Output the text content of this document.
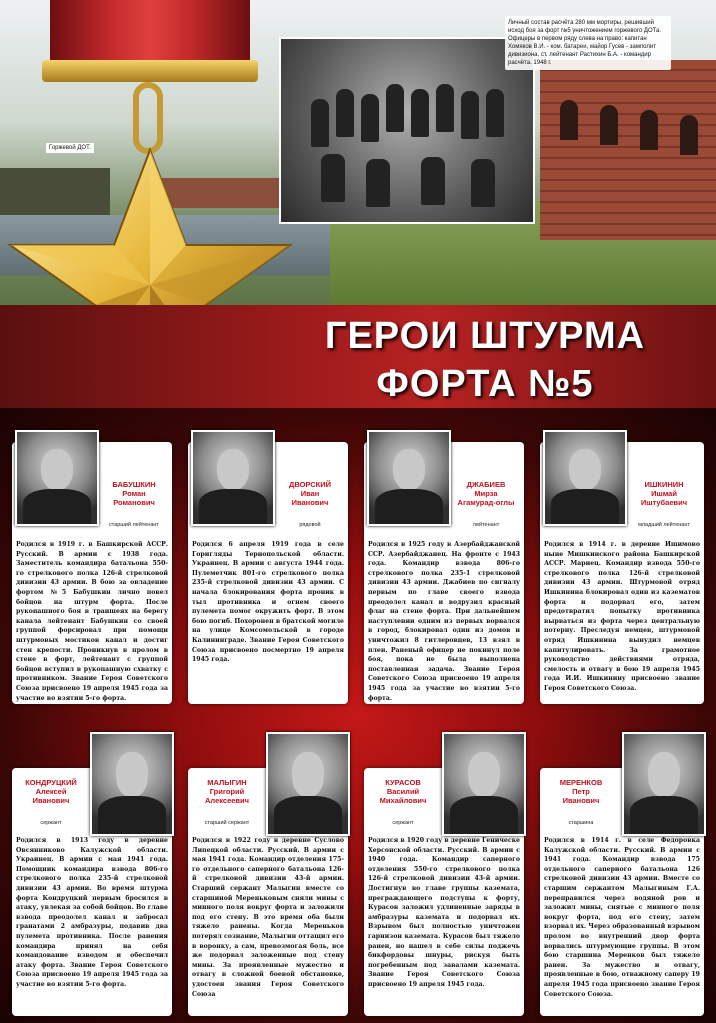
Личный состав расчёта 280 мм мортиры, решивший исход боя за форт №5 уничтожением горжевого ДОТа. Офицеры в первом ряду слева на право: капитан Хомяков В.И. - ком. батареи, майор Гусев - замполит дивизиона, ст. лейтенант Растихин Б.А. - командир расчёта. 1948 г.
Горжевой ДОТ.
ГЕРОИ ШТУРМА
ФОРТА №5
БАБУШКИН
Роман
Романович
старший лейтенант
Родился в 1919 г. в Башкирской АССР. Русский. В армии с 1938 года. Заместитель командира батальона 550-го стрелкового полка 126-й стрелковой дивизии 43 армии. В бою за овладение фортом №5 Бабушкин лично повел бойцов на штурм форта. После рукопашного боя в траншеях на берегу канала лейтенант Бабушкин со своей группой форсировал при помощи штурмовых мостиков канал и достиг стен крепости. Проникнув в пролом в стене в форт, лейтенант с группой бойцов вступил в рукопашную схватку с противником. Звание Героя Советского Союза присвоено 19 апреля 1945 года за участие во взятии 5-го форта.
ДВОРСКИЙ
Иван
Иванович
рядовой
Родился 6 апреля 1919 года в селе Горигляды Тернопольской области. Украинец. В армии с августа 1944 года. Пулеметчик 801-го стрелкового полка 235-й стрелковой дивизии 43 армии. С начала блокирования форта проник в тыл противника и огнем своего пулемета помог окружить форт. В этом бою погиб. Похоронен в братской могиле на улице Комсомольской в городе Калининграде. Звание Героя Советского Союза присвоено посмертно 19 апреля 1945 года.
ДЖАБИЕВ
Мирза
Агамурад-оглы
лейтенант
Родился в 1925 году в Азербайджанской ССР. Азербайджанец. На фронте с 1943 года. Командир взвода 806-го стрелкового полка 235-1 стрелковой дивизии 43 армии. Джабиев по сигналу первым по главе своего взвода преодолел канал и водрузил красный флаг на стене форта. При дальнейшем наступлении одним из первых ворвался в город, блокировал один из домов и уничтожил 8 гитлеровцев, 13 взял в плен. Раненый офицер не покинул поле боя, пока не была выполнена поставленная задача. Звание Героя Советского Союза присвоено 19 апреля 1945 года за участие во взятии 5-го форта.
ИШКИНИН
Ишмай
Иштубаевич
младший лейтенант
Родился в 1914 г. в деревне Ишимово ныне Мишкинского района Башкирской АССР. Мариец. Командир взвода 550-го стрелкового полка 126-й стрелковой дивизии 43 армии. Штурмовой отряд Ишкинина блокировал один из казематов форта и подорвал его, затем предотвратил попытку противника вырваться из форта через центральную потерну. Преследуя немцев, штурмовой отряд Ишкинина вынудил немцев капитулировать. За грамотное руководство действиями отряда, смелость и отвагу в бою 19 апреля 1945 года И.И. Ишкинину присвоено звание Героя Советского Союза.
КОНДРУЦКИЙ
Алексей
Иванович
сержант
Родился в 1913 году в деревне Овсянниково Калужской области. Украинец. В армии с мая 1941 года. Помощник командира взвода 806-го стрелкового полка 235-й стрелковой дивизии 43 армии. Во время штурма форта Кондруцкий первым бросился в атаку, увлекая за собой бойцов. Во главе взвода преодолел канал и забросал гранатами 2 амбразуры, подавив два пулемета противника. После ранения командира принял на себя командование взводом и обеспечил атаку форта. Звание Героя Советского Союза присвоено 19 апреля 1945 года за участие во взятии 5-го форта.
МАЛЫГИН
Григорий
Алексеевич
старший сержант
Родился в 1922 году в деревне Суслово Липецкой области. Русский. В армии с мая 1941 года. Командир отделения 175-го отдельного саперного батальона 126-й стрелковой дивизии 43-й армии. Старший сержант Малыгин вместе со старшиной Мереньковым сняли мины с минного поля вокруг форта и заложили под его стену. В это время оба были тяжело ранены. Когда Мереньков потерял сознание, Малыгин оттащил его в воронку, а сам, превозмогая боль, все же подорвал заложенные под стену мины. За проявленные мужество и отвагу в сложной боевой обстановке, удостоен звания Героя Советского Союза
КУРАСОВ
Василий
Михайлович
сержант
Родился в 1920 году в деревне Геническе Херсонской области. Русский. В армии с 1940 года. Командир саперного отделения 550-го стрелкового полка 126-й стрелковой дивизии 43-й армии. Достигнув во главе группы каземата, преграждающего подступы к форту, Курасов заложил удлиненные заряды в амбразуры каземата и подорвал их. Взрывом был полностью уничтожен гарнизон каземата. Курасов был тяжело ранен, но нашел в себе силы поджечь бикфордовы шнуры, рискуя быть погребенным под завалами каземата. Звание Героя Советского Союза присвоено 19 апреля 1945 года.
МЕРЕНКОВ
Петр
Иванович
старшина
Родился в 1914 г. в селе Федоровка Калужской области. Русский. В армии с 1941 года. Командир взвода 175 отдельного саперного батальона 126 стрелковой дивизии 43 армии. Вместе со старшим сержантом Малыгиным Г.А. переправился через водяной ров и заложил мины, снятые с минного поля вокруг форта, под его стену, затем взорвал их. Через образованный взрывом пролом во внутренний двор форта ворвались штурмующие группы. В этом бою старшина Меренков был тяжело ранен. За мужество и отвагу, проявленные в бою, отважному саперу 19 апреля 1945 года присвоено звание Героя Советского Союза.
